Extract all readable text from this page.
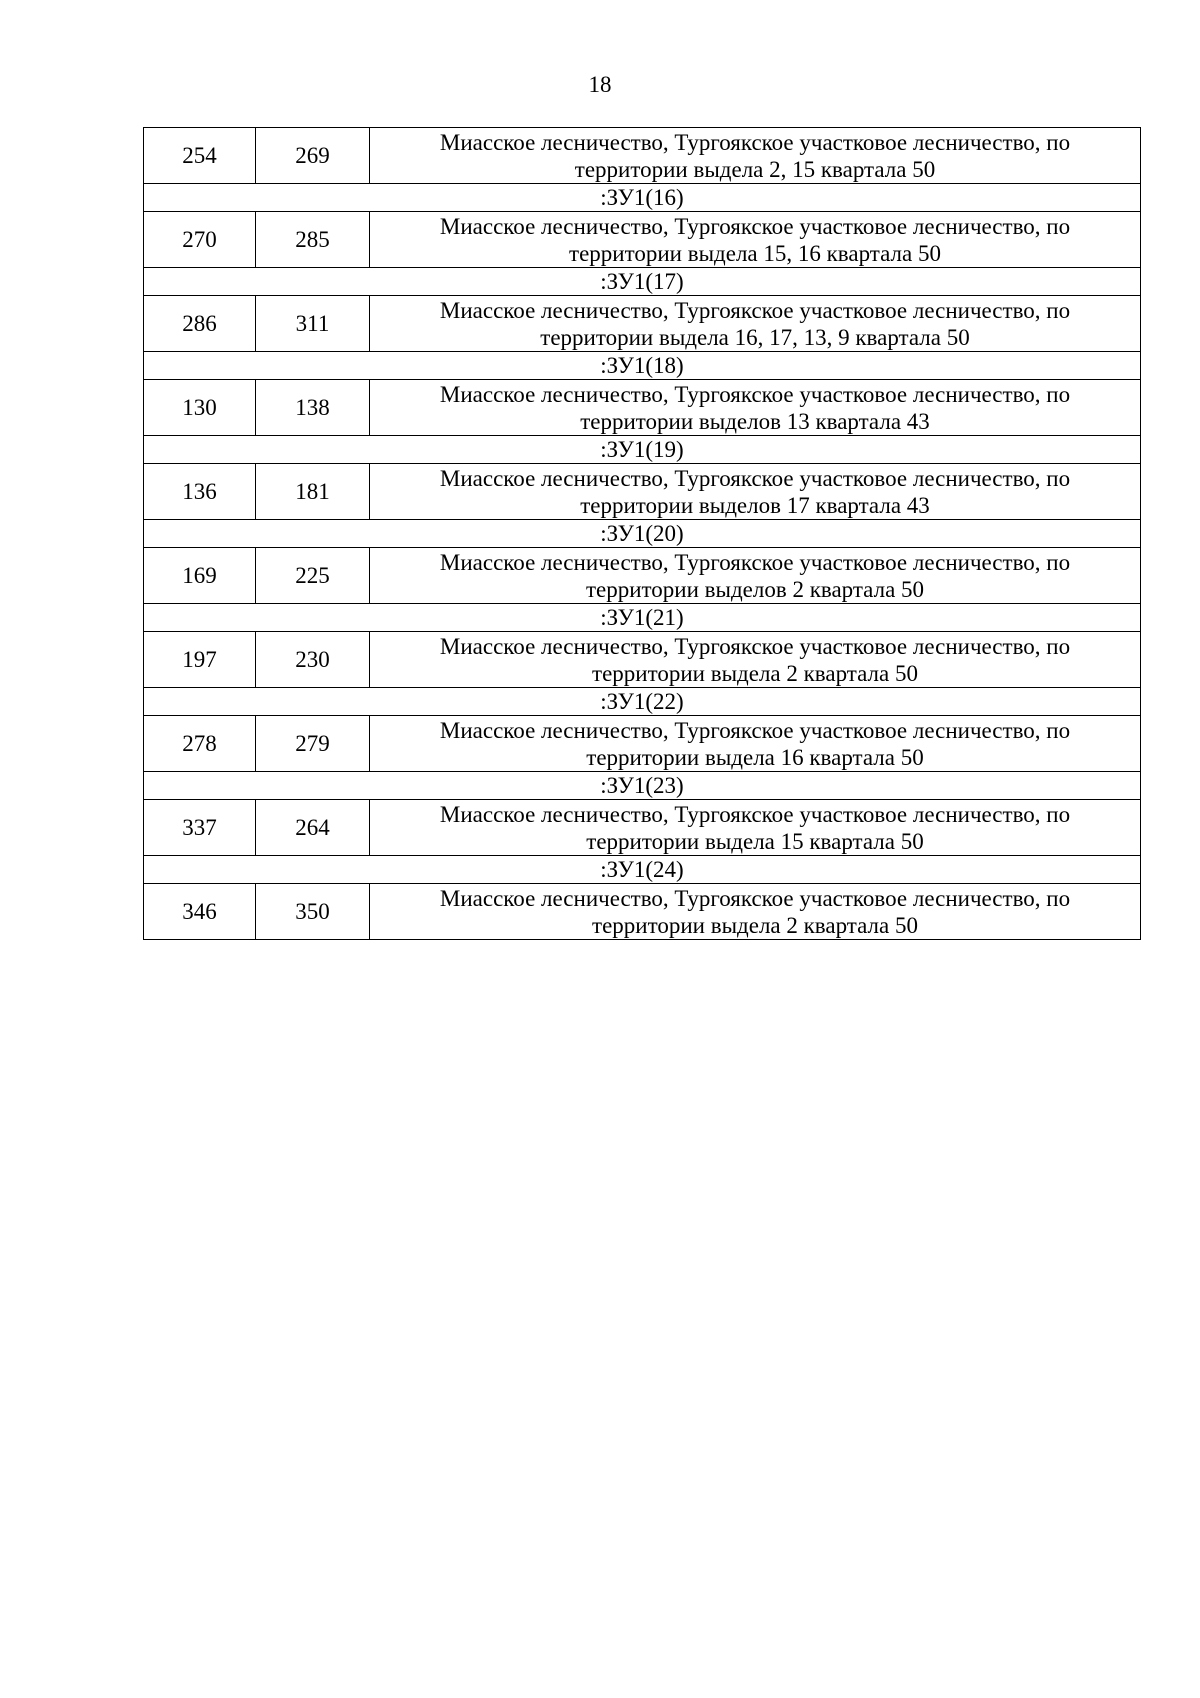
18
254	269	Миасское лесничество, Тургоякское участковое лесничество, по
территории выдела 2, 15 квартала 50

:ЗУ1(16)		
270	285	Миасское лесничество, Тургоякское участковое лесничество, по
территории выдела 15, 16 квартала 50

:ЗУ1(17)		
286	311	Миасское лесничество, Тургоякское участковое лесничество, по
территории выдела 16, 17, 13, 9 квартала 50

:ЗУ1(18)		
130	138	Миасское лесничество, Тургоякское участковое лесничество, по
территории выделов 13 квартала 43

:ЗУ1(19)		
136	181	Миасское лесничество, Тургоякское участковое лесничество, по
территории выделов 17 квартала 43

:ЗУ1(20)		
169	225	Миасское лесничество, Тургоякское участковое лесничество, по
территории выделов 2 квартала 50

:ЗУ1(21)		
197	230	Миасское лесничество, Тургоякское участковое лесничество, по
территории выдела 2 квартала 50

:ЗУ1(22)		
278	279	Миасское лесничество, Тургоякское участковое лесничество, по
территории выдела 16 квартала 50

:ЗУ1(23)		
337	264	Миасское лесничество, Тургоякское участковое лесничество, по
территории выдела 15 квартала 50

:ЗУ1(24)		
346	350	Миасское лесничество, Тургоякское участковое лесничество, по
территории выдела 2 квартала 50
